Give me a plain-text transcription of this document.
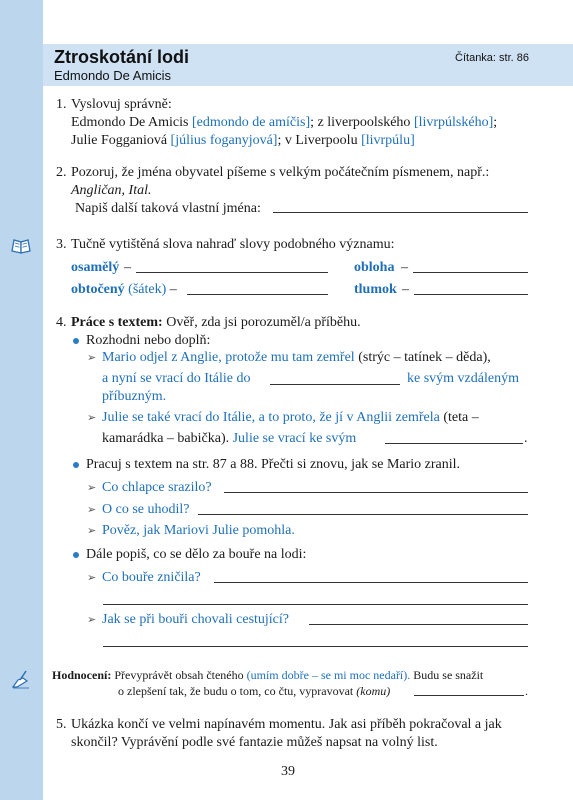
Ztroskotání lodi
Edmondo De Amicis
Čítanka: str. 86
1. Vyslovuj správně:
Edmondo De Amicis [edmondo de amíčis]; z liverpoolského [livrpúlského];
Julie Fogganiová [július foganyjová]; v Liverpoolu [livrpúlu]
2. Pozoruj, že jména obyvatel píšeme s velkým počátečním písmenem, např.:
Angličan, Ital.
Napiš další taková vlastní jména:
3. Tučně vytištěná slova nahraď slovy podobného významu:
osamělý –	obloha –
obtočený (šátek) –	tlumok –
4. Práce s textem: Ověř, zda jsi porozuměl/a příběhu.
Rozhodni nebo doplň:
➢ Mario odjel z Anglie, protože mu tam zemřel (strýc – tatínek – děda),
a nyní se vrací do Itálie do	ke svým vzdáleným
příbuzným.
➢ Julie se také vrací do Itálie, a to proto, že jí v Anglii zemřela (teta –
kamarádka – babička). Julie se vrací ke svým	.
Pracuj s textem na str. 87 a 88. Přečti si znovu, jak se Mario zranil.
➢ Co chlapce srazilo?
➢ O co se uhodil?
➢ Pověz, jak Mariovi Julie pomohla.
Dále popiš, co se dělo za bouře na lodi:
➢ Co bouře zničila?
➢ Jak se při bouři chovali cestující?
Hodnocení: Převyprávět obsah čteného (umím dobře – se mi moc nedaří). Budu se snažit
o zlepšení tak, že budu o tom, co čtu, vypravovat (komu)	.
5. Ukázka končí ve velmi napínavém momentu. Jak asi příběh pokračoval a jak
skončil? Vyprávění podle své fantazie můžeš napsat na volný list.
39
